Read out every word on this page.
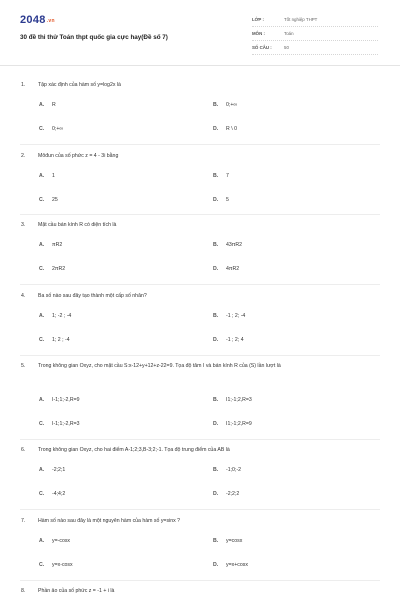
2048.vn
30 đề thi thử Toán thpt quốc gia cực hay(Đề số 7)
LỚP :	Tốt nghiệp THPT
MÔN :	Toán
SỐ CÂU :	50
1. Tập xác định của hàm số y=log2x là
A. R	B. 0;+∞
C. 0;+∞	D. R \ 0
2. Môđun của số phức z = 4 - 3i bằng
A. 1	B. 7
C. 25	D. 5
3. Mặt cầu bán kính R có diện tích là
A. πR2	B. 43πR2
C. 2πR2	D. 4πR2
4. Ba số nào sau đây tạo thành một cấp số nhân?
A. 1; -2 ; -4	B. -1 ; 2; -4
C. 1; 2 ; -4	D. -1 ; 2; 4
5. Trong không gian Oxyz, cho mặt cầu S:x-12+y+12+z-22=9. Tọa độ tâm I và bán kính R của (S) lần lượt là
A. I-1;1;-2,R=9	B. I1;-1;2,R=3
C. I-1;1;-2,R=3	D. I1;-1;2,R=9
6. Trong không gian Oxyz, cho hai điểm A-1;2;3,B-3;2;-1. Tọa độ trung điểm của AB là
A. -2;2;1	B. -1;0;-2
C. -4;4;2	D. -2;2;2
7. Hàm số nào sau đây là một nguyên hàm của hàm số y=sinx ?
A. y=-cosx	B. y=cosx
C. y=x-cosx	D. y=x+cosx
8. Phần ảo của số phức z = -1 + i là
